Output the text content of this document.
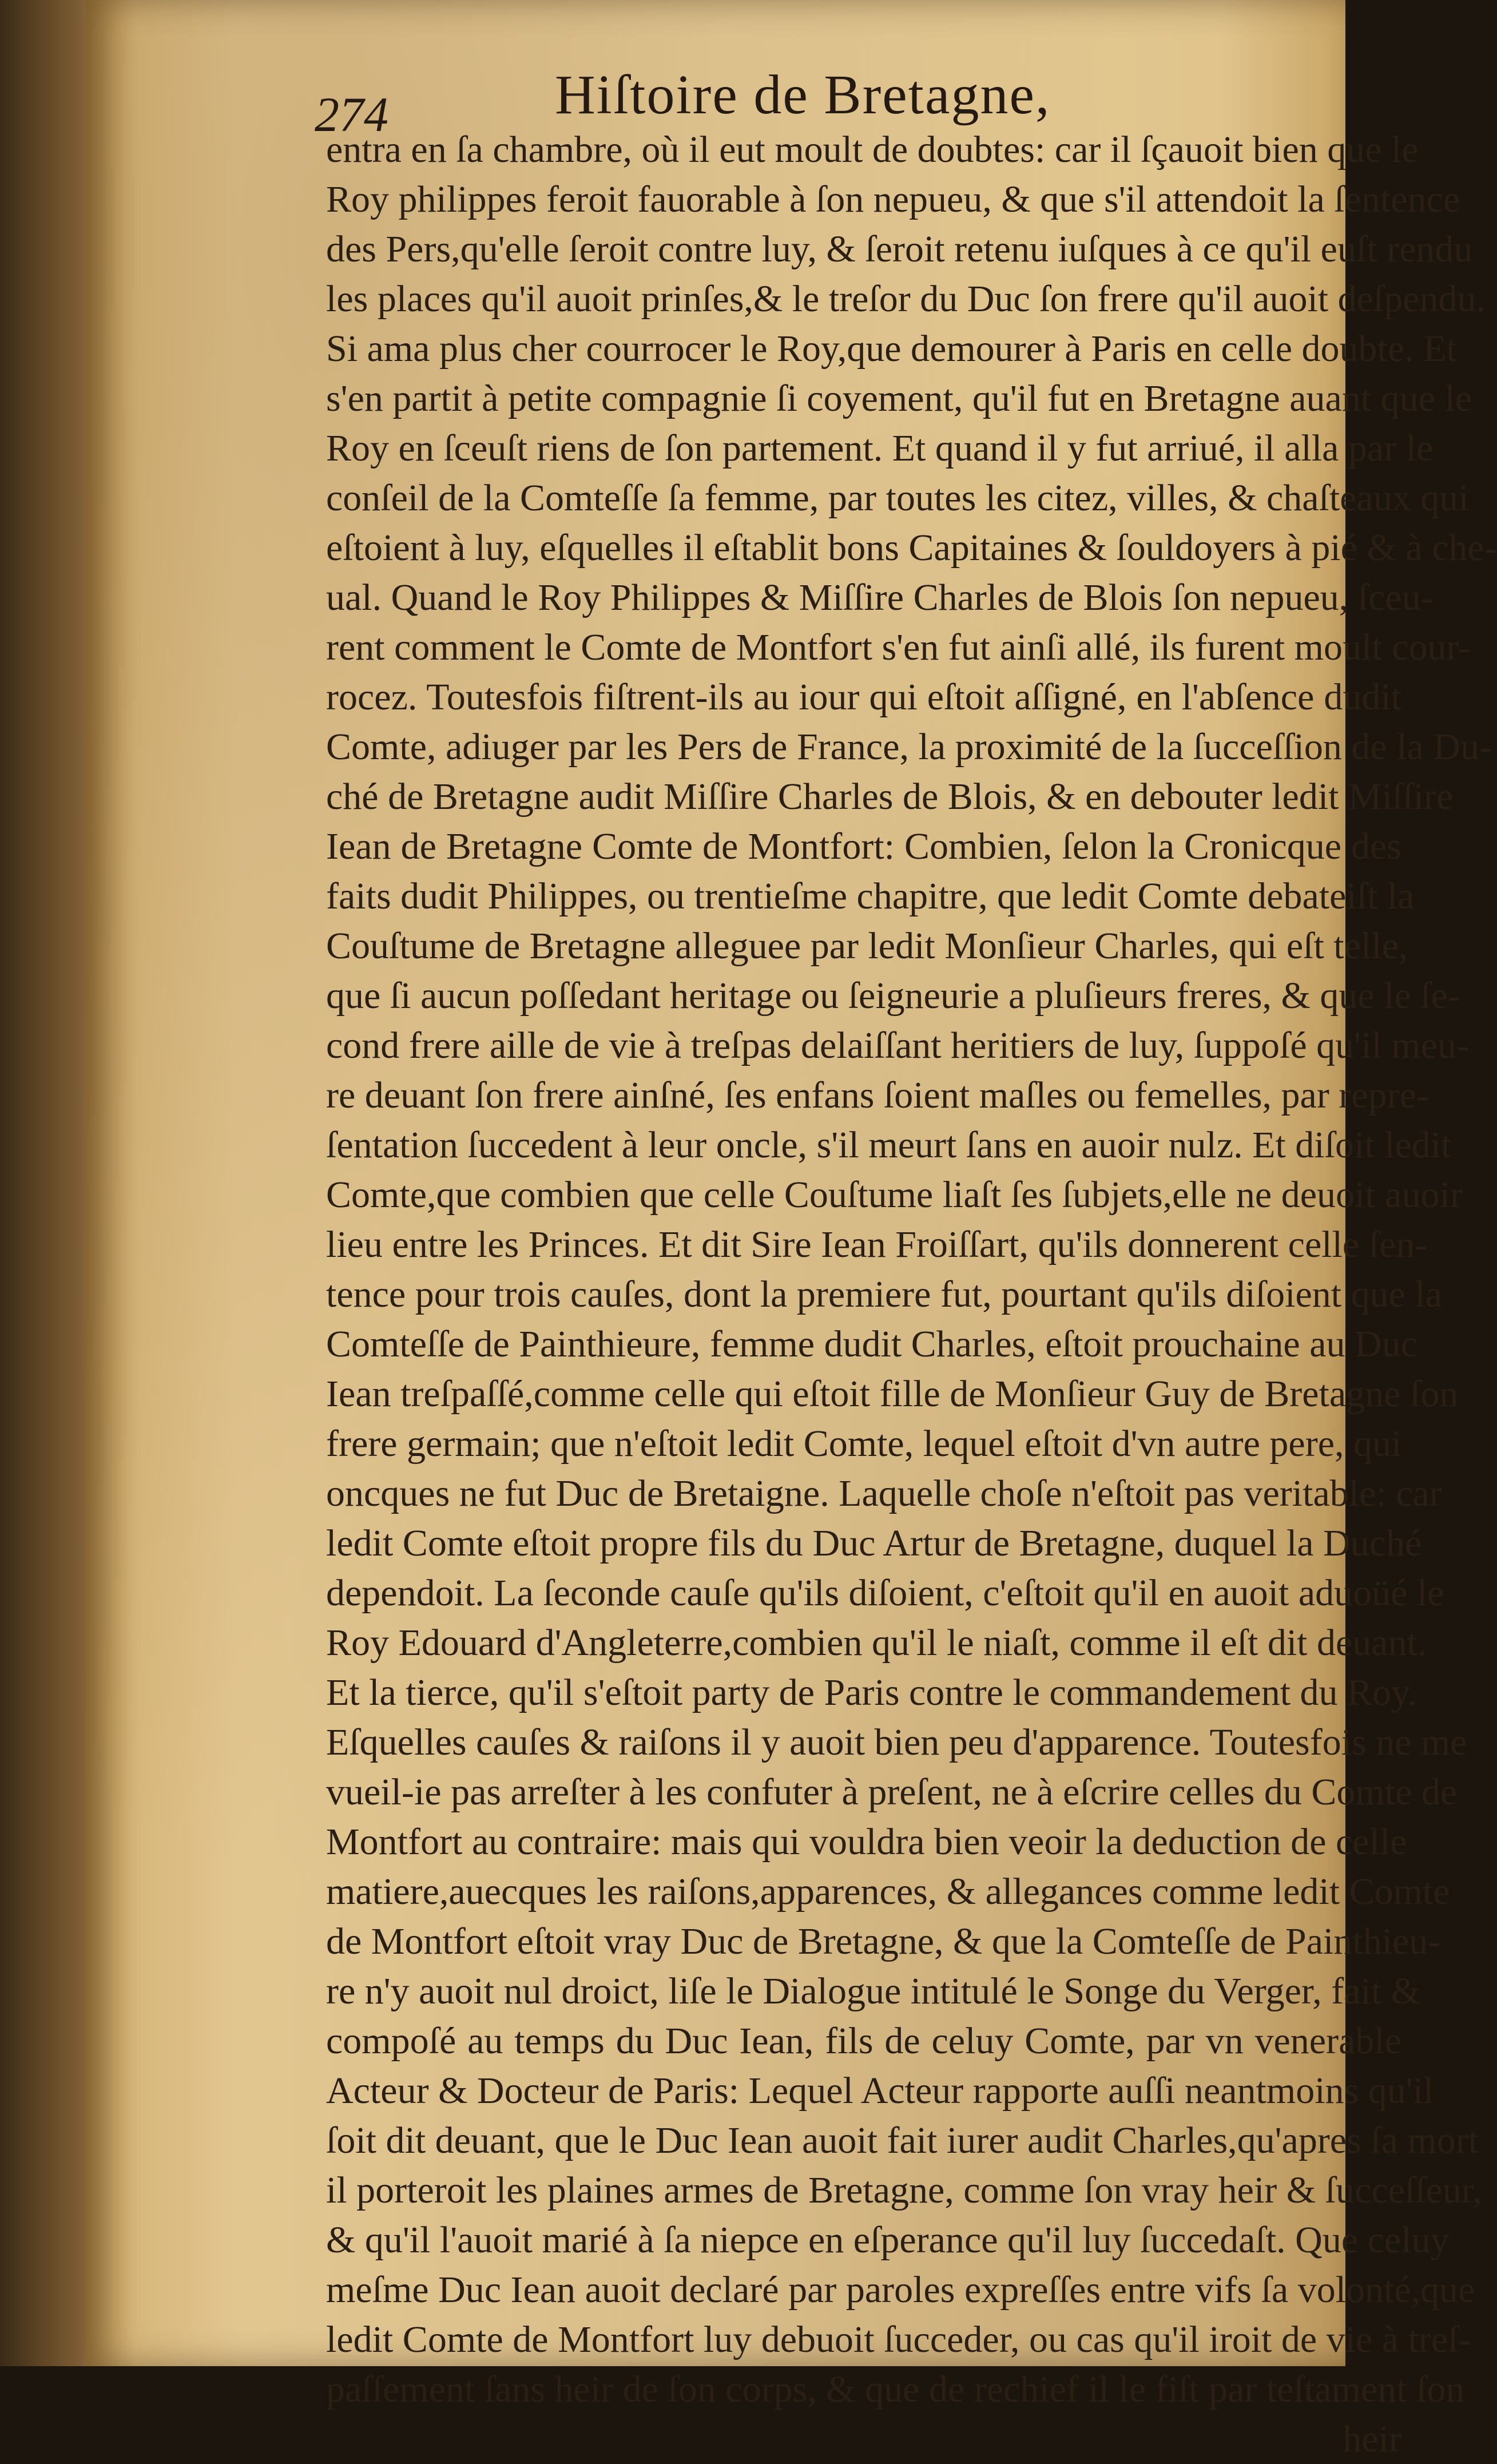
274	Hiſtoire de Bretagne,
entra en ſa chambre, où il eut moult de doubtes: car il ſçauoit bien que le
Roy philippes feroit fauorable à ſon nepueu, & que s'il attendoit la ſentence
des Pers,qu'elle ſeroit contre luy, & ſeroit retenu iuſques à ce qu'il euſt rendu
les places qu'il auoit prinſes,& le treſor du Duc ſon frere qu'il auoit deſpendu.
Si ama plus cher courrocer le Roy,que demourer à Paris en celle doubte. Et
s'en partit à petite compagnie ſi coyement, qu'il fut en Bretagne auant que le
Roy en ſceuſt riens de ſon partement. Et quand il y fut arriué, il alla par le
conſeil de la Comteſſe ſa femme, par toutes les citez, villes, & chaſteaux qui
eſtoient à luy, eſquelles il eſtablit bons Capitaines & ſouldoyers à pié & à che-
ual. Quand le Roy Philippes & Miſſire Charles de Blois ſon nepueu, ſceu-
rent comment le Comte de Montfort s'en fut ainſi allé, ils furent moult cour-
rocez. Toutesfois fiſtrent-ils au iour qui eſtoit aſſigné, en l'abſence dudit
Comte, adiuger par les Pers de France, la proximité de la ſucceſſion de la Du-
ché de Bretagne audit Miſſire Charles de Blois, & en debouter ledit Miſſire
Iean de Bretagne Comte de Montfort: Combien, ſelon la Cronicque des
faits dudit Philippes, ou trentieſme chapitre, que ledit Comte debateiſt la
Couſtume de Bretagne alleguee par ledit Monſieur Charles, qui eſt telle,
que ſi aucun poſſedant heritage ou ſeigneurie a pluſieurs freres, & que le ſe-
cond frere aille de vie à treſpas delaiſſant heritiers de luy, ſuppoſé qu'il meu-
re deuant ſon frere ainſné, ſes enfans ſoient maſles ou femelles, par repre-
ſentation ſuccedent à leur oncle, s'il meurt ſans en auoir nulz. Et diſoit ledit
Comte,que combien que celle Couſtume liaſt ſes ſubjets,elle ne deuoit auoir
lieu entre les Princes. Et dit Sire Iean Froiſſart, qu'ils donnerent celle ſen-
tence pour trois cauſes, dont la premiere fut, pourtant qu'ils diſoient que la
Comteſſe de Painthieure, femme dudit Charles, eſtoit prouchaine au Duc
Iean treſpaſſé,comme celle qui eſtoit fille de Monſieur Guy de Bretagne ſon
frere germain; que n'eſtoit ledit Comte, lequel eſtoit d'vn autre pere, qui
oncques ne fut Duc de Bretaigne. Laquelle choſe n'eſtoit pas veritable: car
ledit Comte eſtoit propre fils du Duc Artur de Bretagne, duquel la Duché
dependoit. La ſeconde cauſe qu'ils diſoient, c'eſtoit qu'il en auoit aduoüé le
Roy Edouard d'Angleterre,combien qu'il le niaſt, comme il eſt dit deuant.
Et la tierce, qu'il s'eſtoit party de Paris contre le commandement du Roy.
Eſquelles cauſes & raiſons il y auoit bien peu d'apparence. Toutesfois ne me
vueil-ie pas arreſter à les confuter à preſent, ne à eſcrire celles du Comte de
Montfort au contraire: mais qui vouldra bien veoir la deduction de celle
matiere,auecques les raiſons,apparences, & allegances comme ledit Comte
de Montfort eſtoit vray Duc de Bretagne, & que la Comteſſe de Painthieu-
re n'y auoit nul droict, liſe le Dialogue intitulé le Songe du Verger, fait &
compoſé au temps du Duc Iean, fils de celuy Comte, par vn venerable
Acteur & Docteur de Paris: Lequel Acteur rapporte auſſi neantmoins qu'il
ſoit dit deuant, que le Duc Iean auoit fait iurer audit Charles,qu'apres ſa mort
il porteroit les plaines armes de Bretagne, comme ſon vray heir & ſucceſſeur,
& qu'il l'auoit marié à ſa niepce en eſperance qu'il luy ſuccedaſt. Que celuy
meſme Duc Iean auoit declaré par paroles expreſſes entre vifs ſa volonté,que
ledit Comte de Montfort luy debuoit ſucceder, ou cas qu'il iroit de vie à treſ-
paſſement ſans heir de ſon corps, & que de rechief il le fiſt par teſtament ſon
heir
